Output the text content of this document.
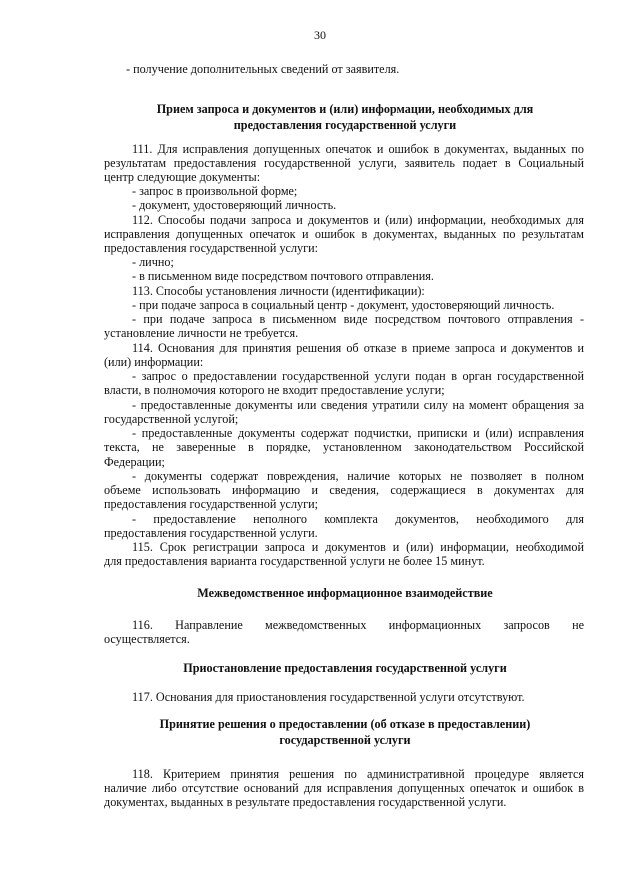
30
- получение дополнительных сведений от заявителя.
Прием запроса и документов и (или) информации, необходимых для
предоставления государственной услуги
111. Для исправления допущенных опечаток и ошибок в документах, выданных по
результатам предоставления государственной услуги, заявитель подает в Социальный
центр следующие документы:
- запрос в произвольной форме;
- документ, удостоверяющий личность.
112. Способы подачи запроса и документов и (или) информации, необходимых для
исправления допущенных опечаток и ошибок в документах, выданных по результатам
предоставления государственной услуги:
- лично;
- в письменном виде посредством почтового отправления.
113. Способы установления личности (идентификации):
- при подаче запроса в социальный центр - документ, удостоверяющий личность.
- при подаче запроса в письменном виде посредством почтового отправления -
установление личности не требуется.
114. Основания для принятия решения об отказе в приеме запроса и документов и
(или) информации:
- запрос о предоставлении государственной услуги подан в орган государственной
власти, в полномочия которого не входит предоставление услуги;
- предоставленные документы или сведения утратили силу на момент обращения за
государственной услугой;
- предоставленные документы содержат подчистки, приписки и (или) исправления
текста, не заверенные в порядке, установленном законодательством Российской
Федерации;
- документы содержат повреждения, наличие которых не позволяет в полном
объеме использовать информацию и сведения, содержащиеся в документах для
предоставления государственной услуги;
- предоставление неполного комплекта документов, необходимого для
предоставления государственной услуги.
115. Срок регистрации запроса и документов и (или) информации, необходимой
для предоставления варианта государственной услуги не более 15 минут.
Межведомственное информационное взаимодействие
116. Направление межведомственных информационных запросов не
осуществляется.
Приостановление предоставления государственной услуги
117. Основания для приостановления государственной услуги отсутствуют.
Принятие решения о предоставлении (об отказе в предоставлении)
государственной услуги
118. Критерием принятия решения по административной процедуре является
наличие либо отсутствие оснований для исправления допущенных опечаток и ошибок в
документах, выданных в результате предоставления государственной услуги.
